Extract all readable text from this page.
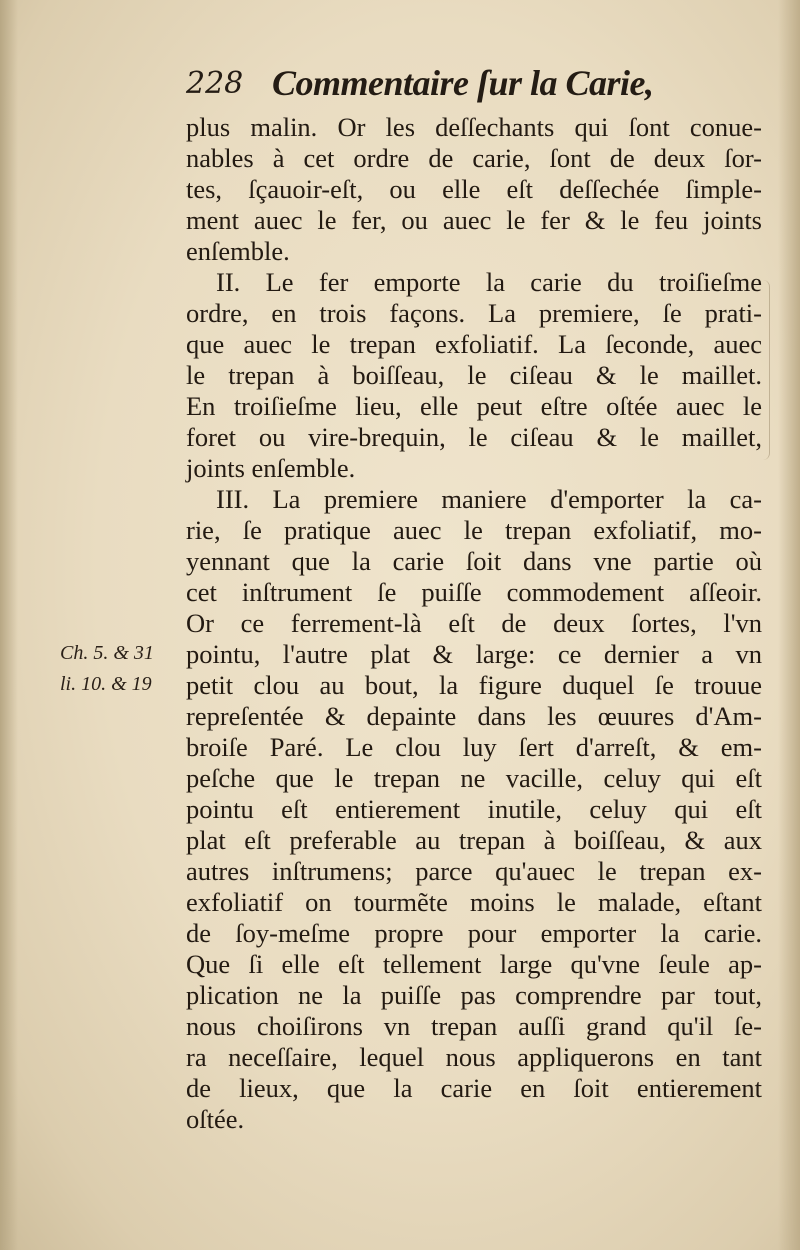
228 Commentaire ſur la Carie,
Ch. 5. & 31
li. 10. & 19
plus malin. Or les deſſechants qui ſont conue-
nables à cet ordre de carie, ſont de deux ſor-
tes, ſçauoir-eſt, ou elle eſt deſſechée ſimple-
ment auec le fer, ou auec le fer & le feu joints
enſemble.
II. Le fer emporte la carie du troiſieſme
ordre, en trois façons. La premiere, ſe prati-
que auec le trepan exfoliatif. La ſeconde, auec
le trepan à boiſſeau, le ciſeau & le maillet.
En troiſieſme lieu, elle peut eſtre oſtée auec le
foret ou vire-brequin, le ciſeau & le maillet,
joints enſemble.
III. La premiere maniere d'emporter la ca-
rie, ſe pratique auec le trepan exfoliatif, mo-
yennant que la carie ſoit dans vne partie où
cet inſtrument ſe puiſſe commodement aſſeoir.
Or ce ferrement-là eſt de deux ſortes, l'vn
pointu, l'autre plat & large: ce dernier a vn
petit clou au bout, la figure duquel ſe trouue
repreſentée & depainte dans les œuures d'Am-
broiſe Paré. Le clou luy ſert d'arreſt, & em-
peſche que le trepan ne vacille, celuy qui eſt
pointu eſt entierement inutile, celuy qui eſt
plat eſt preferable au trepan à boiſſeau, & aux
autres inſtrumens; parce qu'auec le trepan ex-
exfoliatif on tourmẽte moins le malade, eſtant
de ſoy-meſme propre pour emporter la carie.
Que ſi elle eſt tellement large qu'vne ſeule ap-
plication ne la puiſſe pas comprendre par tout,
nous choiſirons vn trepan auſſi grand qu'il ſe-
ra neceſſaire, lequel nous appliquerons en tant
de lieux, que la carie en ſoit entierement
oſtée.
